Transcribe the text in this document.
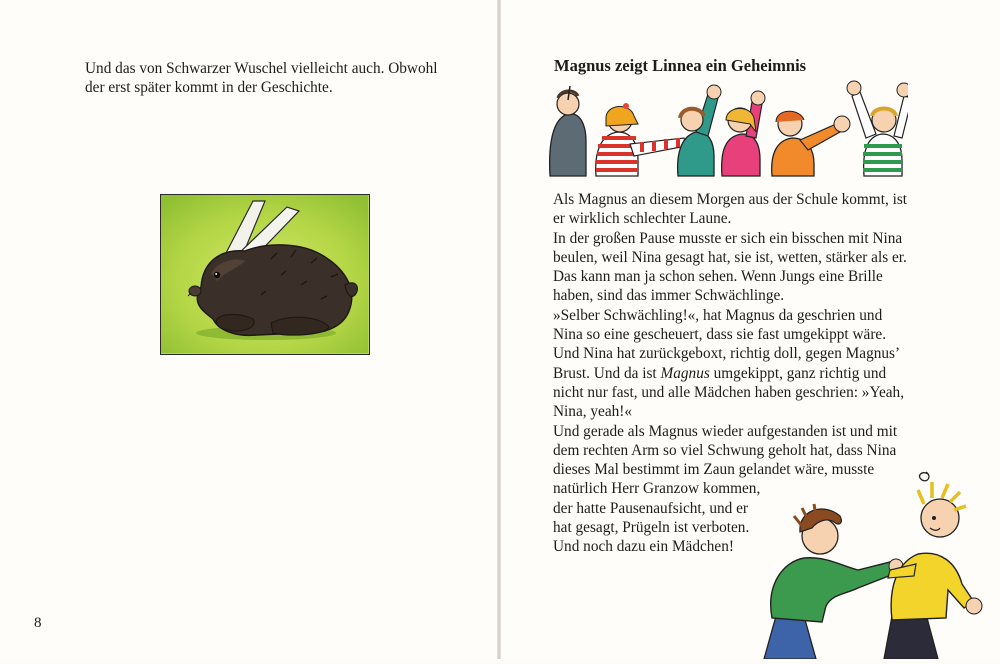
Und das von Schwarzer Wuschel vielleicht auch. Obwohl
der erst später kommt in der Geschichte.

8
Magnus zeigt Linnea ein Geheimnis

Als Magnus an diesem Morgen aus der Schule kommt, ist
er wirklich schlechter Laune.
In der großen Pause musste er sich ein bisschen mit Nina
beulen, weil Nina gesagt hat, sie ist, wetten, stärker als er.
Das kann man ja schon sehen. Wenn Jungs eine Brille
haben, sind das immer Schwächlinge.
»Selber Schwächling!«, hat Magnus da geschrien und
Nina so eine gescheuert, dass sie fast umgekippt wäre.
Und Nina hat zurückgeboxt, richtig doll, gegen Magnus’
Brust. Und da ist Magnus umgekippt, ganz richtig und
nicht nur fast, und alle Mädchen haben geschrien: »Yeah,
Nina, yeah!«
Und gerade als Magnus wieder aufgestanden ist und mit
dem rechten Arm so viel Schwung geholt hat, dass Nina
dieses Mal bestimmt im Zaun gelandet wäre, musste
natürlich Herr Granzow kommen,
der hatte Pausenaufsicht, und er
hat gesagt, Prügeln ist verboten.
Und noch dazu ein Mädchen!
